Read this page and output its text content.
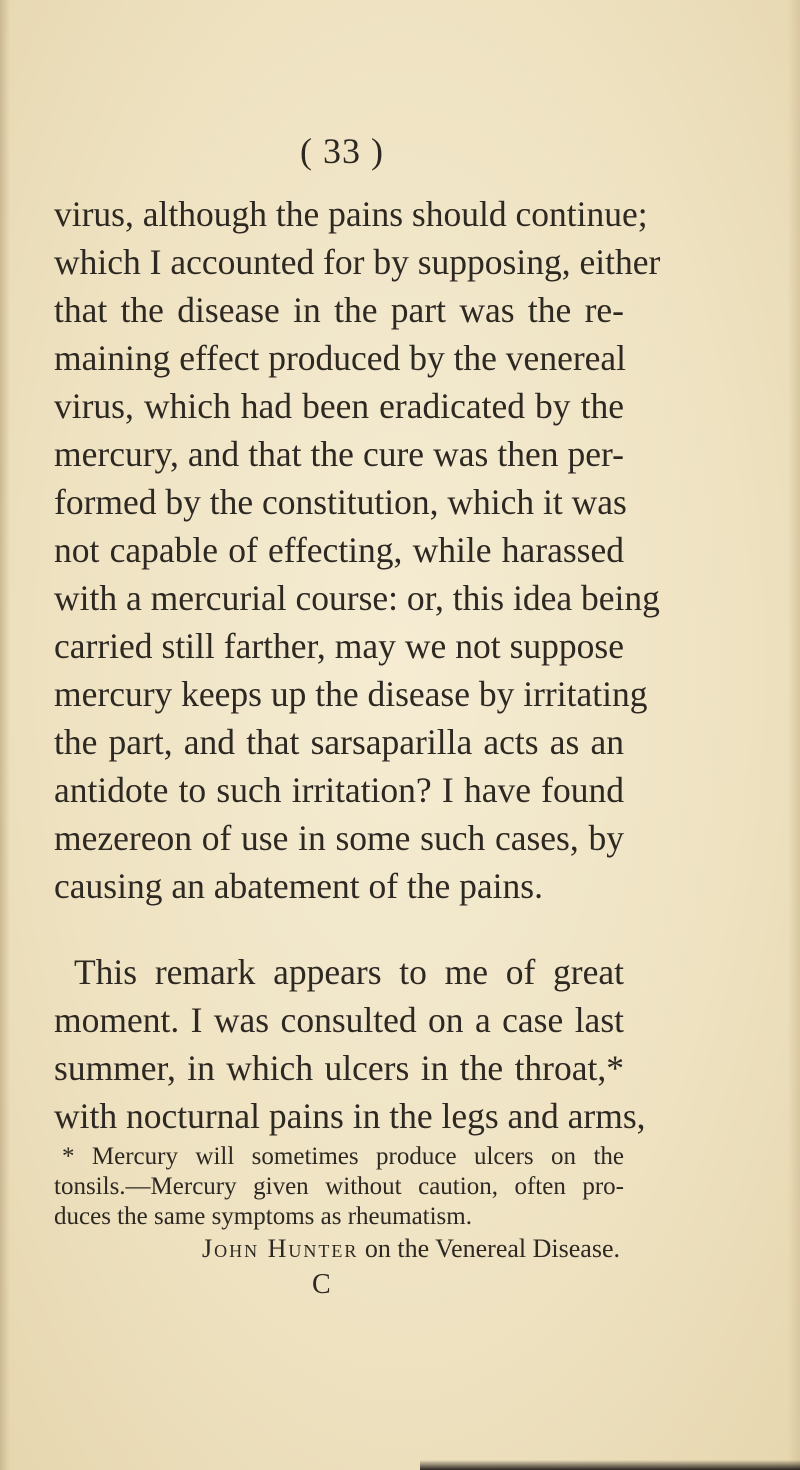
( 33 )
virus, although the pains should continue;
which I accounted for by supposing, either
that the disease in the part was the re-
maining effect produced by the venereal
virus, which had been eradicated by the
mercury, and that the cure was then per-
formed by the constitution, which it was
not capable of effecting, while harassed
with a mercurial course: or, this idea being
carried still farther, may we not suppose
mercury keeps up the disease by irritating
the part, and that sarsaparilla acts as an
antidote to such irritation? I have found
mezereon of use in some such cases, by
causing an abatement of the pains.
This remark appears to me of great
moment. I was consulted on a case last
summer, in which ulcers in the throat,*
with nocturnal pains in the legs and arms,
* Mercury will sometimes produce ulcers on the
tonsils.—Mercury given without caution, often pro-
duces the same symptoms as rheumatism.
John Hunter on the Venereal Disease.
C
